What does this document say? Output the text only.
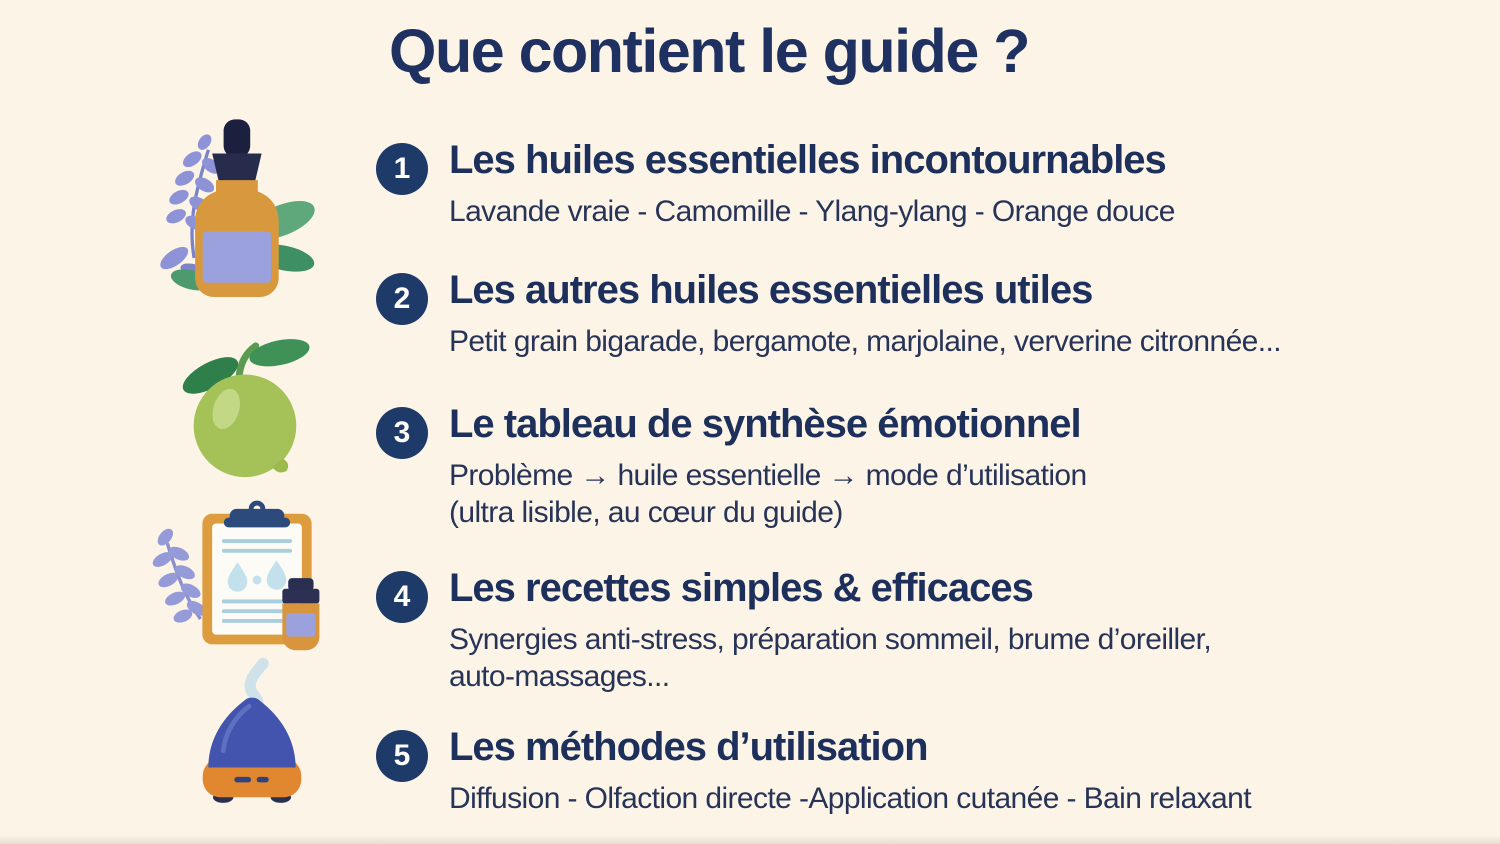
Que contient le guide ?
1 Les huiles essentielles incontournables

Lavande vraie - Camomille - Ylang-ylang - Orange douce

2 Les autres huiles essentielles utiles

Petit grain bigarade, bergamote, marjolaine, ververine citronnée...

3 Le tableau de synthèse émotionnel

Problème → huile essentielle → mode d’utilisation

(ultra lisible, au cœur du guide)

4 Les recettes simples & efficaces

Synergies anti-stress, préparation sommeil, brume d’oreiller,

auto-massages...

5 Les méthodes d’utilisation

Diffusion - Olfaction directe -Application cutanée - Bain relaxant
